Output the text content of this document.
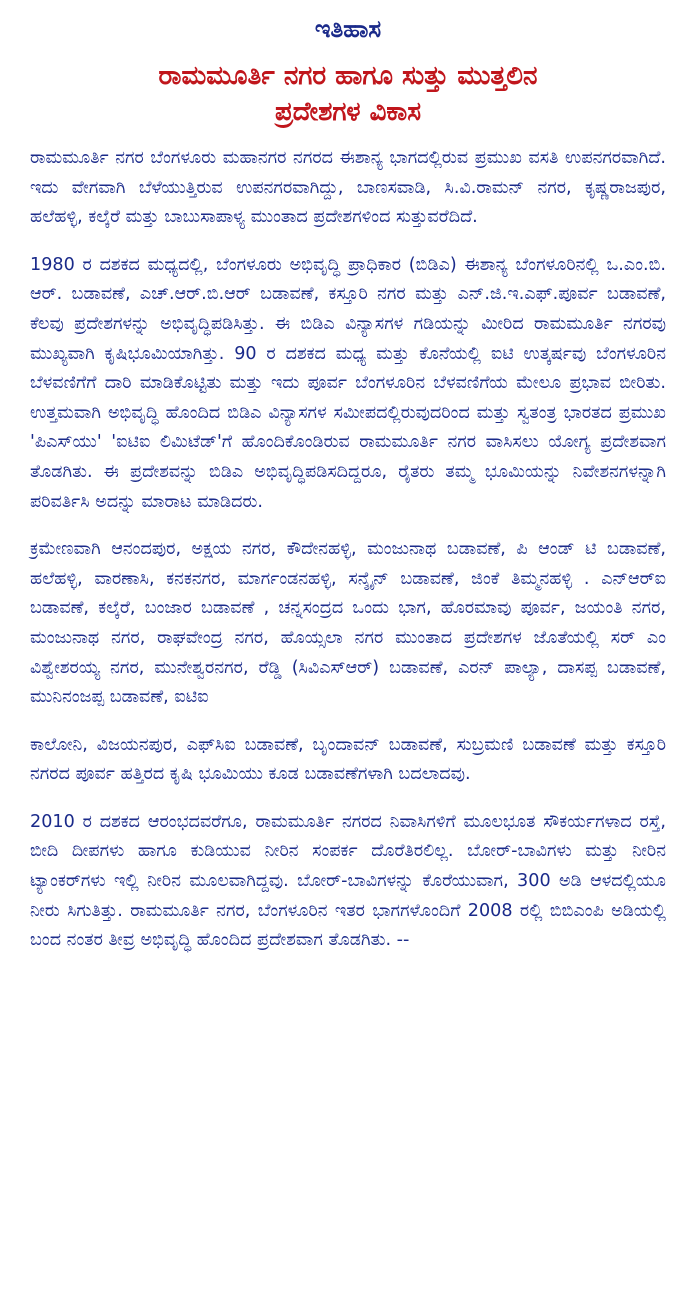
ಇತಿಹಾಸ
ರಾಮಮೂರ್ತಿ ನಗರ ಹಾಗೂ ಸುತ್ತು ಮುತ್ತಲಿನ
ಪ್ರದೇಶಗಳ ವಿಕಾಸ

ರಾಮಮೂರ್ತಿ ನಗರ ಬೆಂಗಳೂರು ಮಹಾನಗರ ನಗರದ ಈಶಾನ್ಯ ಭಾಗದಲ್ಲಿರುವ ಪ್ರಮುಖ ವಸತಿ ಉಪನಗರವಾಗಿದೆ. ಇದು ವೇಗವಾಗಿ ಬೆಳೆಯುತ್ತಿರುವ ಉಪನಗರವಾಗಿದ್ದು, ಬಾಣಸವಾಡಿ, ಸಿ.ವಿ.ರಾಮನ್ ನಗರ, ಕೃಷ್ಣರಾಜಪುರ, ಹಲೆಹಳ್ಳಿ, ಕಲ್ಕೆರೆ ಮತ್ತು ಬಾಬುಸಾಪಾಳ್ಯ ಮುಂತಾದ ಪ್ರದೇಶಗಳಿಂದ ಸುತ್ತುವರೆದಿದೆ.

1980 ರ ದಶಕದ ಮಧ್ಯದಲ್ಲಿ, ಬೆಂಗಳೂರು ಅಭಿವೃದ್ಧಿ ಪ್ರಾಧಿಕಾರ (ಬಿಡಿಎ) ಈಶಾನ್ಯ ಬೆಂಗಳೂರಿನಲ್ಲಿ ಒ.ಎಂ.ಬಿ. ಆರ್. ಬಡಾವಣೆ, ಎಚ್.ಆರ್.ಬಿ.ಆರ್ ಬಡಾವಣೆ, ಕಸ್ತೂರಿ ನಗರ ಮತ್ತು ಎನ್.ಜಿ.ಇ.ಎಫ್.ಪೂರ್ವ ಬಡಾವಣೆ, ಕೆಲವು ಪ್ರದೇಶಗಳನ್ನು ಅಭಿವೃದ್ಧಿಪಡಿಸಿತ್ತು. ಈ ಬಿಡಿಎ ವಿನ್ಯಾಸಗಳ ಗಡಿಯನ್ನು ಮೀರಿದ ರಾಮಮೂರ್ತಿ ನಗರವು ಮುಖ್ಯವಾಗಿ ಕೃಷಿಭೂಮಿಯಾಗಿತ್ತು. 90 ರ ದಶಕದ ಮಧ್ಯ ಮತ್ತು ಕೊನೆಯಲ್ಲಿ ಐಟಿ ಉತ್ಕರ್ಷವು ಬೆಂಗಳೂರಿನ ಬೆಳವಣಿಗೆಗೆ ದಾರಿ ಮಾಡಿಕೊಟ್ಟಿತು ಮತ್ತು ಇದು ಪೂರ್ವ ಬೆಂಗಳೂರಿನ ಬೆಳವಣಿಗೆಯ ಮೇಲೂ ಪ್ರಭಾವ ಬೀರಿತು. ಉತ್ತಮವಾಗಿ ಅಭಿವೃದ್ಧಿ ಹೊಂದಿದ ಬಿಡಿಎ ವಿನ್ಯಾಸಗಳ ಸಮೀಪದಲ್ಲಿರುವುದರಿಂದ ಮತ್ತು ಸ್ವತಂತ್ರ ಭಾರತದ ಪ್ರಮುಖ 'ಪಿಎಸ್‌ಯು' 'ಐಟಿಐ ಲಿಮಿಟೆಡ್'ಗೆ ಹೊಂದಿಕೊಂಡಿರುವ ರಾಮಮೂರ್ತಿ ನಗರ ವಾಸಿಸಲು ಯೋಗ್ಯ ಪ್ರದೇಶವಾಗ ತೊಡಗಿತು. ಈ ಪ್ರದೇಶವನ್ನು ಬಿಡಿಎ ಅಭಿವೃದ್ಧಿಪಡಿಸದಿದ್ದರೂ, ರೈತರು ತಮ್ಮ ಭೂಮಿಯನ್ನು ನಿವೇಶನಗಳನ್ನಾಗಿ ಪರಿವರ್ತಿಸಿ ಅದನ್ನು ಮಾರಾಟ ಮಾಡಿದರು.

ಕ್ರಮೇಣವಾಗಿ ಆನಂದಪುರ, ಅಕ್ಷಯ ನಗರ, ಕೌದೇನಹಳ್ಳಿ, ಮಂಜುನಾಥ ಬಡಾವಣೆ, ಪಿ ಆಂಡ್ ಟಿ ಬಡಾವಣೆ, ಹಲೆಹಳ್ಳಿ, ವಾರಣಾಸಿ, ಕನಕನಗರ, ಮಾರ್ಗಂಡನಹಳ್ಳಿ, ಸನ್ಶೈನ್ ಬಡಾವಣೆ, ಜಿಂಕೆ ತಿಮ್ಮನಹಳ್ಳಿ . ಎನ್‌ಆರ್‌ಐ ಬಡಾವಣೆ, ಕಲ್ಕೆರೆ, ಬಂಜಾರ ಬಡಾವಣೆ , ಚನ್ನಸಂದ್ರದ ಒಂದು ಭಾಗ, ಹೊರಮಾವು ಪೂರ್ವ, ಜಯಂತಿ ನಗರ, ಮಂಜುನಾಥ ನಗರ, ರಾಘವೇಂದ್ರ ನಗರ, ಹೊಯ್ಸಲಾ ನಗರ ಮುಂತಾದ ಪ್ರದೇಶಗಳ ಜೊತೆಯಲ್ಲಿ ಸರ್ ಎಂ ವಿಶ್ವೇಶರಯ್ಯ ನಗರ, ಮುನೇಶ್ವರನಗರ, ರೆಡ್ಡಿ (ಸಿವಿಎಸ್‌ಆರ್) ಬಡಾವಣೆ, ಎರನ್ ಪಾಲ್ಯಾ, ದಾಸಪ್ಪ ಬಡಾವಣೆ, ಮುನಿನಂಜಪ್ಪ ಬಡಾವಣೆ, ಐಟಿಐ

ಕಾಲೋನಿ, ವಿಜಯನಪುರ, ಎಫ್‌ಸಿಐ ಬಡಾವಣೆ, ಬೃಂದಾವನ್ ಬಡಾವಣೆ, ಸುಬ್ರಮಣಿ ಬಡಾವಣೆ ಮತ್ತು ಕಸ್ತೂರಿ ನಗರದ ಪೂರ್ವ ಹತ್ತಿರದ ಕೃಷಿ ಭೂಮಿಯು ಕೂಡ ಬಡಾವಣೆಗಳಾಗಿ ಬದಲಾದವು.

2010 ರ ದಶಕದ ಆರಂಭದವರೆಗೂ, ರಾಮಮೂರ್ತಿ ನಗರದ ನಿವಾಸಿಗಳಿಗೆ ಮೂಲಭೂತ ಸೌಕರ್ಯಗಳಾದ ರಸ್ತೆ, ಬೀದಿ ದೀಪಗಳು ಹಾಗೂ ಕುಡಿಯುವ ನೀರಿನ ಸಂಪರ್ಕ ದೊರೆತಿರಲಿಲ್ಲ. ಬೋರ್-ಬಾವಿಗಳು ಮತ್ತು ನೀರಿನ ಟ್ಯಾಂಕರ್‌ಗಳು ಇಲ್ಲಿ ನೀರಿನ ಮೂಲವಾಗಿದ್ದವು. ಬೋರ್-ಬಾವಿಗಳನ್ನು ಕೊರೆಯುವಾಗ, 300 ಅಡಿ ಆಳದಲ್ಲಿಯೂ ನೀರು ಸಿಗುತಿತ್ತು. ರಾಮಮೂರ್ತಿ ನಗರ, ಬೆಂಗಳೂರಿನ ಇತರ ಭಾಗಗಳೊಂದಿಗೆ 2008 ರಲ್ಲಿ ಬಿಬಿಎಂಪಿ ಅಡಿಯಲ್ಲಿ ಬಂದ ನಂತರ ತೀವ್ರ ಅಭಿವೃದ್ಧಿ ಹೊಂದಿದ ಪ್ರದೇಶವಾಗ ತೊಡಗಿತು. --
